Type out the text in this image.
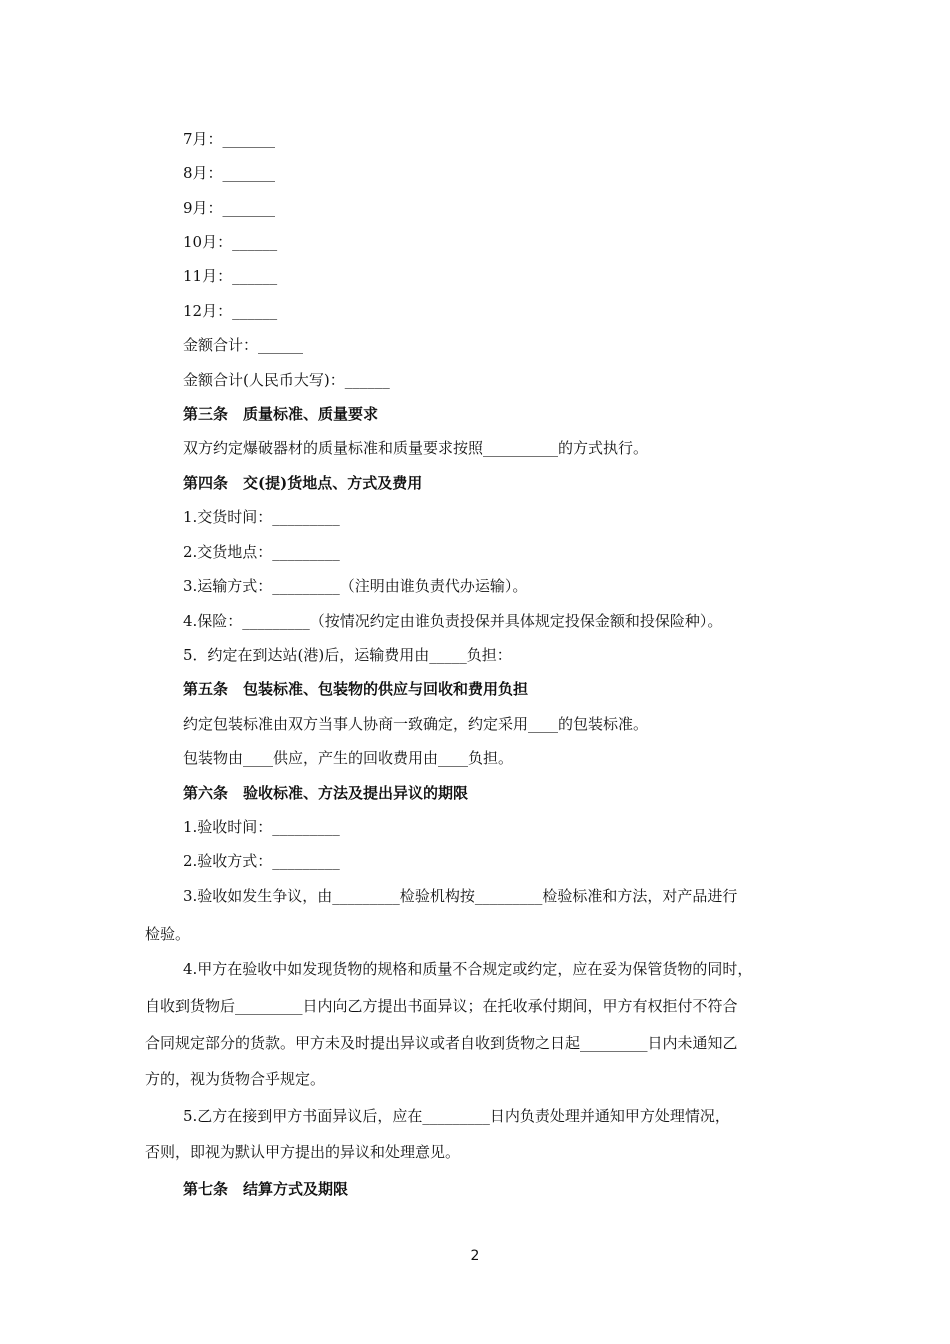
7月：_______
8月：_______
9月：_______
10月：______
11月：______
12月：______
金额合计：______
金额合计(人民币大写)：______
第三条　质量标准、质量要求
双方约定爆破器材的质量标准和质量要求按照__________的方式执行。
第四条　交(提)货地点、方式及费用
1.交货时间：_________
2.交货地点：_________
3.运输方式：_________（注明由谁负责代办运输）。
4.保险：_________（按情况约定由谁负责投保并具体规定投保金额和投保险种）。
5．约定在到达站(港)后，运输费用由_____负担：
第五条　包装标准、包装物的供应与回收和费用负担
约定包装标准由双方当事人协商一致确定，约定采用____的包装标准。
包装物由____供应，产生的回收费用由____负担。
第六条　验收标准、方法及提出异议的期限
1.验收时间：_________
2.验收方式：_________
3.验收如发生争议，由_________检验机构按_________检验标准和方法，对产品进行
检验。
4.甲方在验收中如发现货物的规格和质量不合规定或约定，应在妥为保管货物的同时，
自收到货物后_________日内向乙方提出书面异议；在托收承付期间，甲方有权拒付不符合
合同规定部分的货款。甲方未及时提出异议或者自收到货物之日起_________日内未通知乙
方的，视为货物合乎规定。
5.乙方在接到甲方书面异议后，应在_________日内负责处理并通知甲方处理情况，
否则，即视为默认甲方提出的异议和处理意见。
第七条　结算方式及期限
2
